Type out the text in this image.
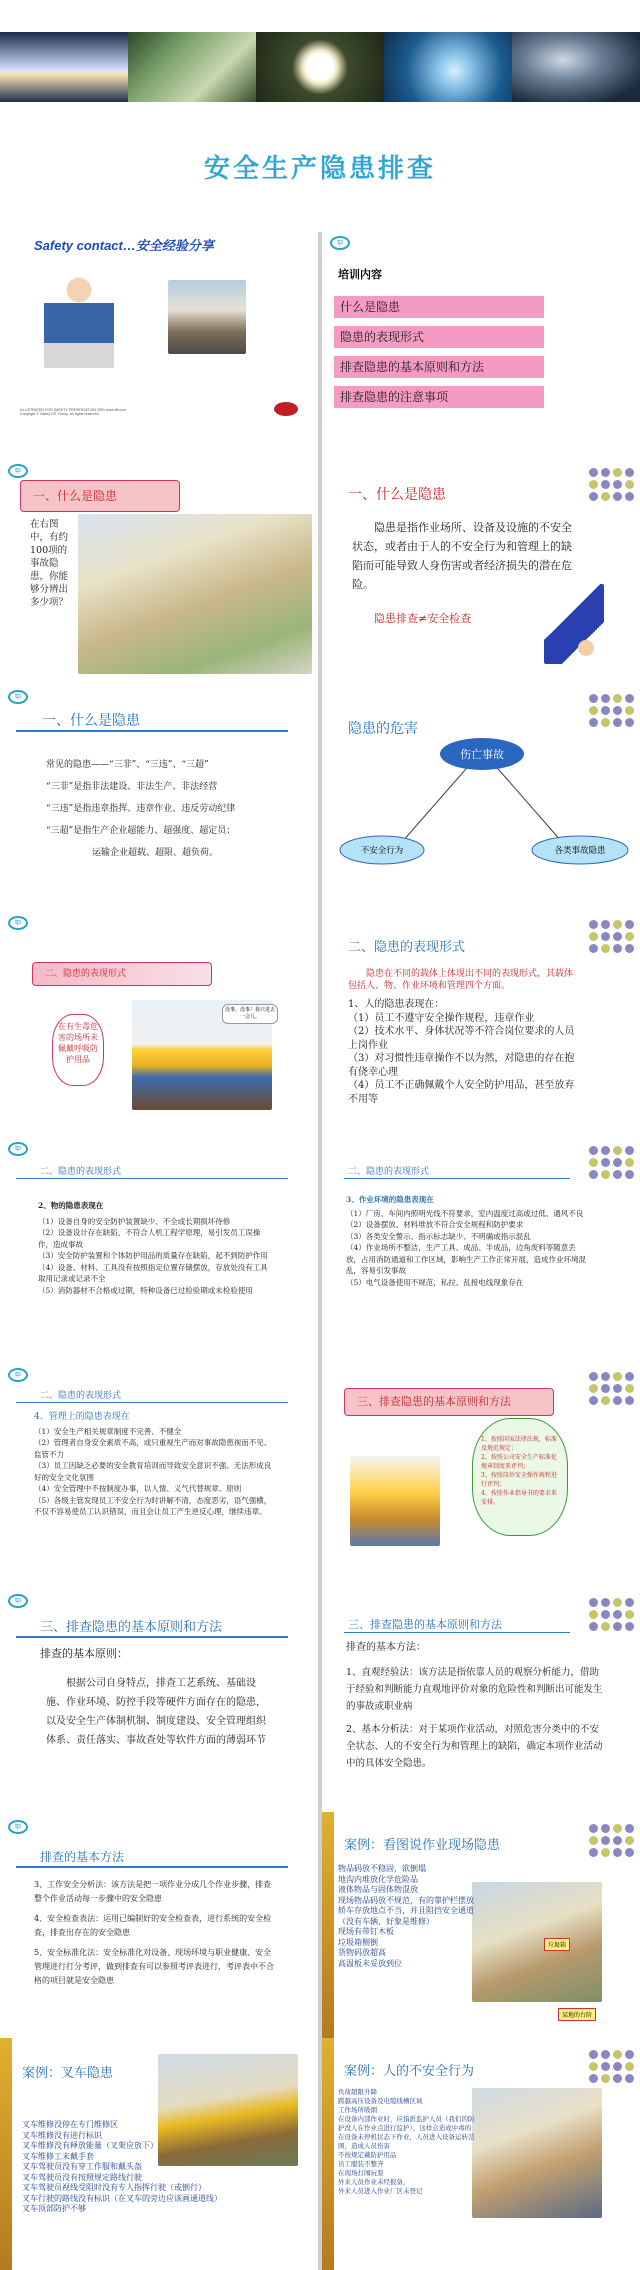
安全生产隐患排查
Safety contact…安全经验分享

ILLUSTRATED FOR SAFETY PRESENTATION 2001 www.dit.com

Copyright © Safety DIT Group. All rights reserved.

tp
培训内容
什么是隐患
隐患的表现形式
排查隐患的基本原则和方法
排查隐患的注意事项
tp
一、什么是隐患
在右图中，有约100项的事故隐患，你能够分辨出多少项？
一、什么是隐患
隐患是指作业场所、设备及设施的不安全状态，或者由于人的不安全行为和管理上的缺陷而可能导致人身伤害或者经济损失的潜在危险。
隐患排查≠安全检查
tp
一、什么是隐患

常见的隐患——“三非”、“三违”、“三超”

“三非”是指非法建设、非法生产、非法经营

“三违”是指违章指挥、违章作业、违反劳动纪律

“三超”是指生产企业超能力、超强度、超定员；

运输企业超载、超限、超负荷。

隐患的危害
伤亡事故
不安全行为	各类事故隐患
tp
二、隐患的表现形式
在有生毒危害的场所未佩戴呼吸防护用品
没事，没事！我只进去一会儿。
二、隐患的表现形式
隐患在不同的载体上体现出不同的表现形式，其载体包括人、物、作业环境和管理四个方面。

1、人的隐患表现在：

（1）员工不遵守安全操作规程，违章作业

（2）技术水平、身体状况等不符合岗位要求的人员上岗作业

（3）对习惯性违章操作不以为然，对隐患的存在抱有侥幸心理

（4）员工不正确佩戴个人安全防护用品，甚至放弃不用等

tp
二、隐患的表现形式

2、物的隐患表现在

（1）设备自身的安全防护装置缺少、不全或长期损坏待修

（2）设备设计存在缺陷，不符合人机工程学原理，易引发员工误操作，造成事故

（3）安全防护装置和个体防护用品的质量存在缺陷，起不到防护作用

（4）设备、材料、工具没有按照指定位置存储摆放，存放处没有工具取用记录或记录不全

（5）消防器材不合格或过期，特种设备已过检验期或未检验使用

二、隐患的表现形式

3、作业环境的隐患表现在

（1）厂房、车间内照明光线不符要求，室内温度过高或过低、通风不良

（2）设备摆放、材料堆放不符合安全规程和防护要求

（3）各类安全警示、指示标志缺少、不明确或指示混乱

（4）作业场所不整洁，生产工具、成品、半成品，边角废料等随意丢放，占用消防通道和工作区域，影响生产工作正常开展，造成作业环境混乱，容易引发事故

（5）电气设备使用不规范，私拉、乱接电线现象存在

tp
二、隐患的表现形式

4、管理上的隐患表现在

（1）安全生产相关规章制度不完善、不健全

（2）管理者自身安全素质不高，或只重视生产而对事故隐患视而不见、监管不力

（3）员工因缺乏必要的安全教育培训而导致安全意识不强、无法形成良好的安全文化氛围

（4）安全管理中不按制度办事，以人情、义气代替规章、原则

（5）各级主管发现员工不安全行为时讲解不清，态度恶劣，语气强横，不仅不容易使员工认识错误，而且会让员工产生逆反心理，继续违章。

三、排查隐患的基本原则和方法

1、按照国家法律法规，标准及规范规定；

2、按照公司安全生产标准化规章制度来评判；

3、按照岗位安全操作规程进行评判；

4、按照作业指导书的要求来安排。

tp
三、排查隐患的基本原则和方法
排查的基本原则：
根据公司自身特点，排查工艺系统、基础设施、作业环境、防控手段等硬件方面存在的隐患，以及安全生产体制机制、制度建设、安全管理组织体系、责任落实、事故查处等软件方面的薄弱环节
三、排查隐患的基本原则和方法
排查的基本方法：

1、直观经验法：该方法是指依靠人员的观察分析能力，借助于经验和判断能力直观地评价对象的危险性和判断出可能发生的事故或职业病

2、基本分析法：对于某项作业活动，对照危害分类中的不安全状态、人的不安全行为和管理上的缺陷，确定本项作业活动中的具体安全隐患。

tp
排查的基本方法

3、工作安全分析法：该方法是把一项作业分成几个作业步骤，排查整个作业活动每一步骤中的安全隐患

4、安全检查表法：运用已编制好的安全检查表，进行系统的安全检查，排查出存在的安全隐患

5、安全标准化法：安全标准化对设备、现场环境与职业健康、安全管理进行打分考评，做到排查有可以参照考评表进行，考评表中不合格的项目就是安全隐患

案例：看图说作业现场隐患

物品码放不稳固，欲倒塌

地沟内堆放化学危险品

液体物品与固体物混放

现场物品码放不规范，有的靠护栏摆放

轿车存放地点不当，并且阻挡安全通道（没有车辆，好象是维修）

现场有带钉木板

垃圾箱侧倒

货物码放超高

高温板未妥放到位

垃圾箱
某地的台阶
案例：叉车隐患

叉车维修没停在专门维修区

叉车维修没有进行标识

叉车维修没有释放能量（叉架应放下）

叉车维修工未戴手套

叉车驾驶员没有穿工作服和戴头盔

叉车驾驶员没有按照规定路线行驶

叉车驾驶员视线受阻时没有专人指挥行驶（或倒行）

叉车行驶的路线没有标识（在叉车的旁边应该画通道线）

叉车顶部防护不够

案例：人的不安全行为

负荷超限升降

跨越高压设备及电缆线槽区域

工作场所吸烟

在设备内部作业时，应指派监护人员（我们的防护没人在作业点进行监护），这样会造成中毒的

在设备未停机状态下作业，人员进入设备运转范围，造成人员伤害

不按规定戴防护用品

员工服装不整齐

在现场打闹玩耍

外来人员作业未经报备，

外来人员进入作业厂区未登记
